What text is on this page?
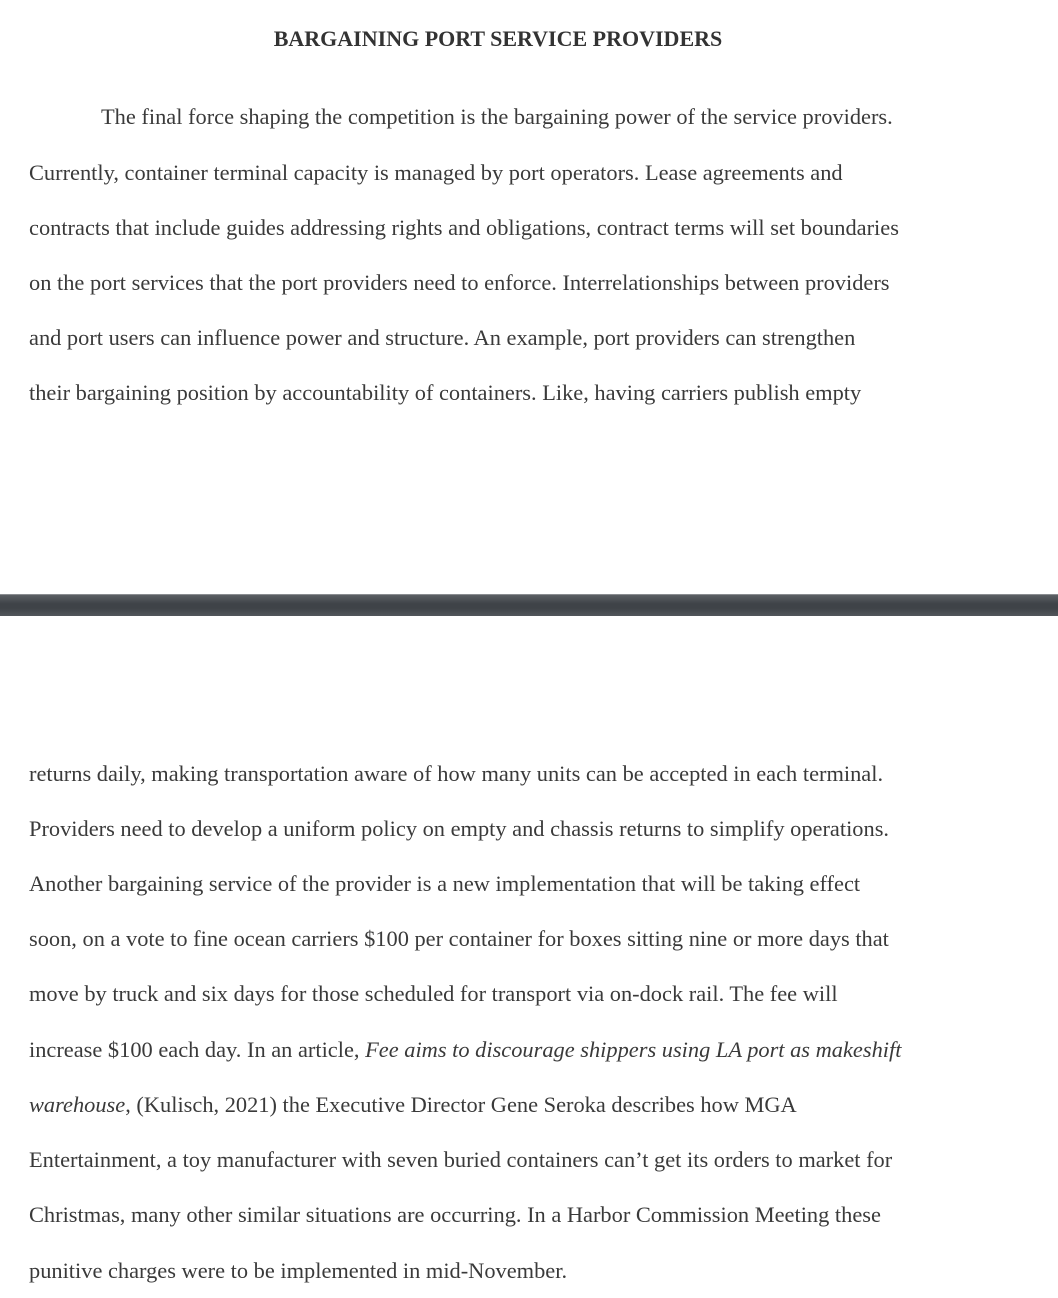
BARGAINING PORT SERVICE PROVIDERS

The final force shaping the competition is the bargaining power of the service providers.

Currently, container terminal capacity is managed by port operators. Lease agreements and

contracts that include guides addressing rights and obligations, contract terms will set boundaries

on the port services that the port providers need to enforce. Interrelationships between providers

and port users can influence power and structure. An example, port providers can strengthen

their bargaining position by accountability of containers. Like, having carriers publish empty

returns daily, making transportation aware of how many units can be accepted in each terminal.

Providers need to develop a uniform policy on empty and chassis returns to simplify operations.

Another bargaining service of the provider is a new implementation that will be taking effect

soon, on a vote to fine ocean carriers $100 per container for boxes sitting nine or more days that

move by truck and six days for those scheduled for transport via on-dock rail. The fee will

increase $100 each day. In an article, Fee aims to discourage shippers using LA port as makeshift

warehouse, (Kulisch, 2021) the Executive Director Gene Seroka describes how MGA

Entertainment, a toy manufacturer with seven buried containers can’t get its orders to market for

Christmas, many other similar situations are occurring. In a Harbor Commission Meeting these

punitive charges were to be implemented in mid-November.
